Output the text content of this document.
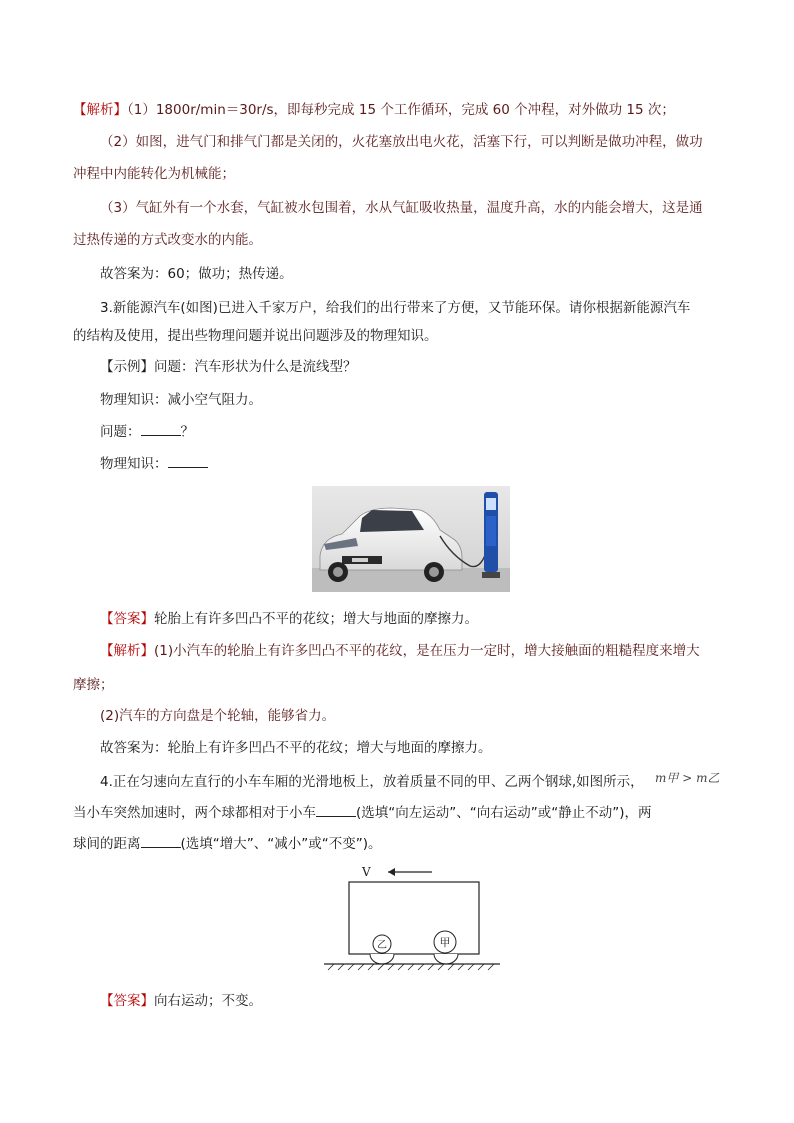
【解析】（1）1800r/min＝30r/s，即每秒完成 15 个工作循环，完成 60 个冲程，对外做功 15 次；
（2）如图，进气门和排气门都是关闭的，火花塞放出电火花，活塞下行，可以判断是做功冲程，做功
冲程中内能转化为机械能；
（3）气缸外有一个水套，气缸被水包围着，水从气缸吸收热量，温度升高，水的内能会增大，这是通
过热传递的方式改变水的内能。
故答案为：60；做功；热传递。
3.新能源汽车(如图)已进入千家万户，给我们的出行带来了方便，又节能环保。请你根据新能源汽车
的结构及使用，提出些物理问题并说出问题涉及的物理知识。
【示例】问题：汽车形状为什么是流线型？
物理知识：减小空气阻力。
问题：	？
物理知识：
【答案】轮胎上有许多凹凸不平的花纹；增大与地面的摩擦力。
【解析】(1)小汽车的轮胎上有许多凹凸不平的花纹，是在压力一定时，增大接触面的粗糙程度来增大
摩擦；
(2)汽车的方向盘是个轮轴，能够省力。
故答案为：轮胎上有许多凹凸不平的花纹；增大与地面的摩擦力。
4.正在匀速向左直行的小车车厢的光滑地板上，放着质量不同的甲、乙两个钢球,如图所示， m甲 > m乙
当小车突然加速时，两个球都相对于小车	(选填“向左运动”、“向右运动”或“静止不动”)，两
球间的距离	(选填“增大”、“减小”或“不变”)。
V
乙	甲
【答案】向右运动；不变。
